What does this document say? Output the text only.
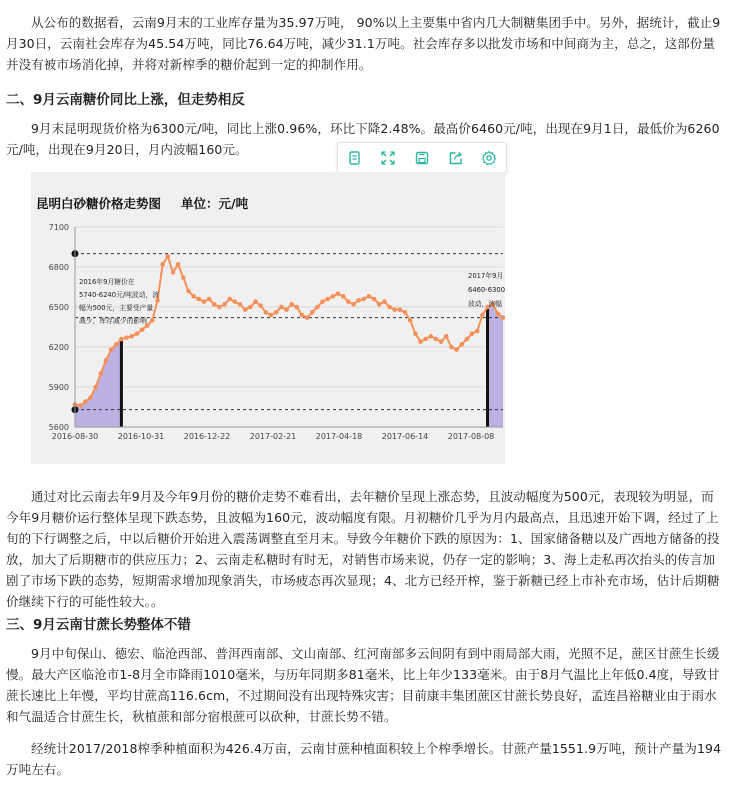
从公布的数据看，云南9月末的工业库存量为35.97万吨， 90%以上主要集中省内几大制糖集团手中。另外，据统计，截止9月30日，云南社会库存为45.54万吨，同比76.64万吨，减少31.1万吨。社会库存多以批发市场和中间商为主，总之，这部份量并没有被市场消化掉，并将对新榨季的糖价起到一定的抑制作用。

二、9月云南糖价同比上涨，但走势相反

9月末昆明现货价格为6300元/吨，同比上涨0.96%，环比下降2.48%。最高价6460元/吨，出现在9月1日，最低价为6260元/吨，出现在9月20日，月内波幅160元。

昆明白砂糖价格走势图 单位：元/吨
5600
5900
6200
6500
6800
7100
2016-08-30 2016-10-31 2016-12-22 2017-02-21 2017-04-18 2017-06-14 2017-08-08
2016年9月糖价在
5740-6240元/吨波动，波
幅为500元，主要受产量
减少，库存减少的影响
2017年9月
6460-6300
波动，波幅

通过对比云南去年9月及今年9月份的糖价走势不难看出，去年糖价呈现上涨态势，且波动幅度为500元，表现较为明显，而今年9月糖价运行整体呈现下跌态势，且波幅为160元，波动幅度有限。月初糖价几乎为月内最高点，且迅速开始下调，经过了上旬的下行调整之后，中以后糖价开始进入震荡调整直至月末。导致今年糖价下跌的原因为：1、国家储备糖以及广西地方储备的投放，加大了后期糖市的供应压力；2、云南走私糖时有时无，对销售市场来说，仍存一定的影响；3、海上走私再次抬头的传言加剧了市场下跌的态势，短期需求增加现象消失，市场疲态再次显现；4、北方已经开榨，鉴于新糖已经上市补充市场，估计后期糖价继续下行的可能性较大。。

三、9月云南甘蔗长势整体不错

9月中旬保山、德宏、临沧西部、普洱西南部、文山南部、红河南部多云间阴有到中雨局部大雨，光照不足，蔗区甘蔗生长缓慢。最大产区临沧市1-8月全市降雨1010毫米，与历年同期多81毫米，比上年少133毫米。由于8月气温比上年低0.4度，导致甘蔗长速比上年慢，平均甘蔗高116.6cm，不过期间没有出现特殊灾害；目前康丰集团蔗区甘蔗长势良好，孟连昌裕糖业由于雨水和气温适合甘蔗生长，秋植蔗和部分宿根蔗可以砍种，甘蔗长势不错。

经统计2017/2018榨季种植面积为426.4万亩，云南甘蔗种植面积较上个榨季增长。甘蔗产量1551.9万吨，预计产量为194万吨左右。
